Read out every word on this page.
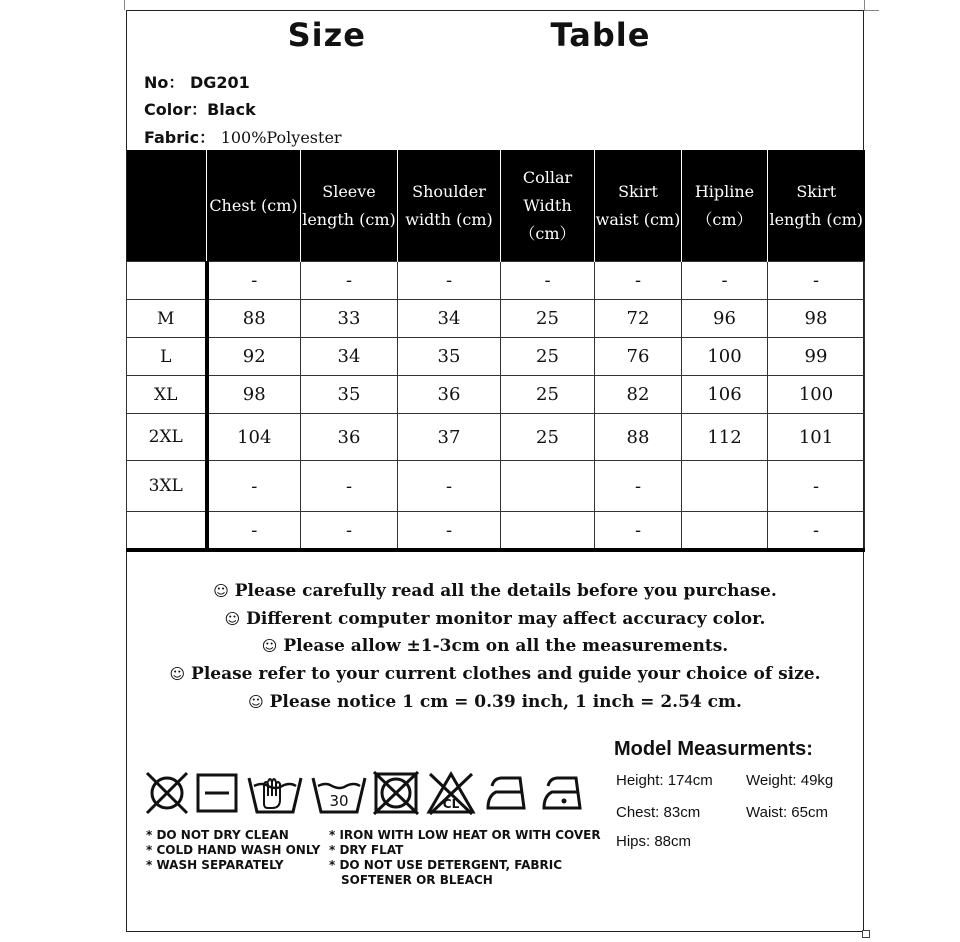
Size    Table
No： DG201
Color：Black
Fabric： 100%Polyester
	Chest (cm)	Sleeve length (cm)	Shoulder width (cm)	Collar Width （cm）	Skirt waist (cm)	Hipline （cm）	Skirt length (cm)
	-	-	-	-	-	-	-
M	88	33	34	25	72	96	98
L	92	34	35	25	76	100	99
XL	98	35	36	25	82	106	100
2XL	104	36	37	25	88	112	101
3XL	-	-	-		-		-
	-	-	-		-		-
☺ Please carefully read all the details before you purchase.
☺ Different computer monitor may affect accuracy color.
☺ Please allow ±1-3cm on all the measurements.
☺ Please refer to your current clothes and guide your choice of size.
☺ Please notice 1 cm = 0.39 inch, 1 inch = 2.54 cm.
30	CL
* DO NOT DRY CLEAN
* COLD HAND WASH ONLY
* WASH SEPARATELY
* IRON WITH LOW HEAT OR WITH COVER
* DRY FLAT
* DO NOT USE DETERGENT, FABRIC
SOFTENER OR BLEACH
Model Measurments:
Height: 174cm Weight: 49kg
Chest: 83cm	Waist: 65cm
Hips: 88cm
